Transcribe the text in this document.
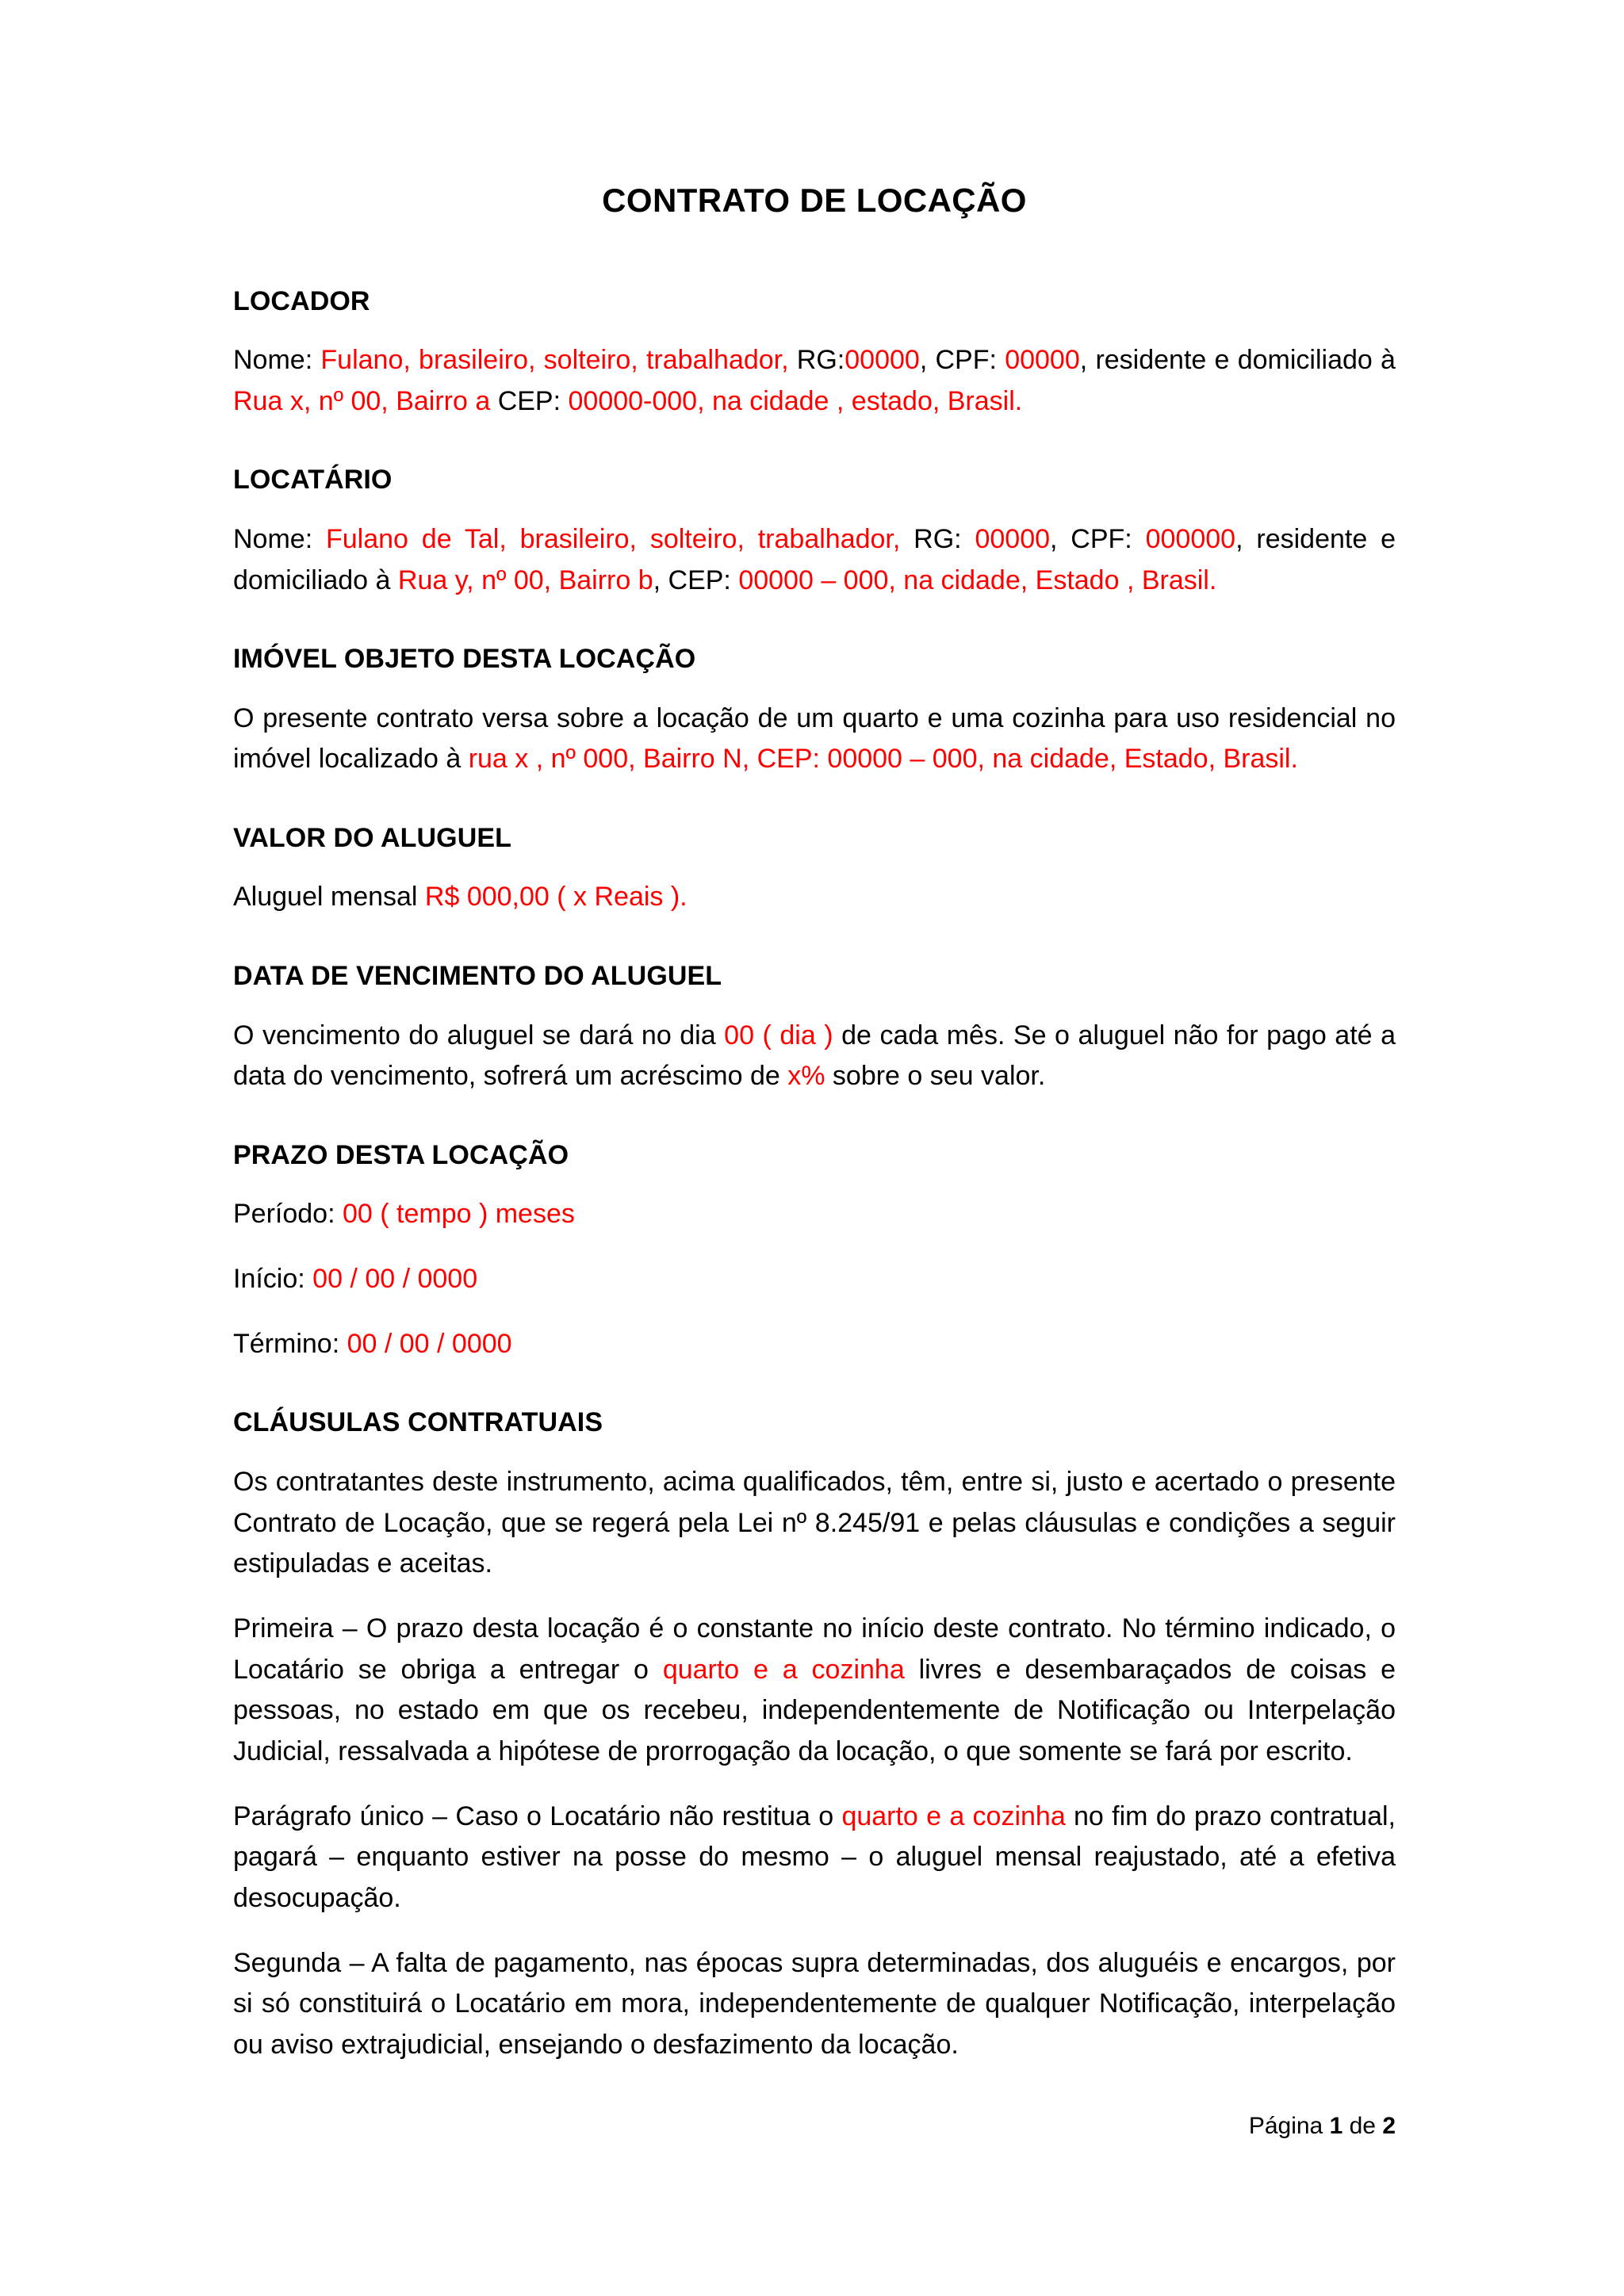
CONTRATO DE LOCAÇÃO
LOCADOR

Nome: Fulano, brasileiro, solteiro, trabalhador, RG:00000, CPF: 00000, residente e domiciliado à Rua x, nº 00, Bairro a CEP: 00000-000, na cidade , estado, Brasil.

LOCATÁRIO

Nome: Fulano de Tal, brasileiro, solteiro, trabalhador, RG: 00000, CPF: 000000, residente e domiciliado à Rua y, nº 00, Bairro b, CEP: 00000 – 000, na cidade, Estado , Brasil.

IMÓVEL OBJETO DESTA LOCAÇÃO

O presente contrato versa sobre a locação de um quarto e uma cozinha para uso residencial no imóvel localizado à rua x , nº 000, Bairro N, CEP: 00000 – 000, na cidade, Estado, Brasil.

VALOR DO ALUGUEL

Aluguel mensal R$ 000,00 ( x Reais ).

DATA DE VENCIMENTO DO ALUGUEL

O vencimento do aluguel se dará no dia 00 ( dia ) de cada mês. Se o aluguel não for pago até a data do vencimento, sofrerá um acréscimo de x% sobre o seu valor.

PRAZO DESTA LOCAÇÃO

Período: 00 ( tempo ) meses

Início: 00 / 00 / 0000

Término: 00 / 00 / 0000

CLÁUSULAS CONTRATUAIS

Os contratantes deste instrumento, acima qualificados, têm, entre si, justo e acertado o presente Contrato de Locação, que se regerá pela Lei nº 8.245/91 e pelas cláusulas e condições a seguir estipuladas e aceitas.

Primeira – O prazo desta locação é o constante no início deste contrato. No término indicado, o Locatário se obriga a entregar o quarto e a cozinha livres e desembaraçados de coisas e pessoas, no estado em que os recebeu, independentemente de Notificação ou Interpelação Judicial, ressalvada a hipótese de prorrogação da locação, o que somente se fará por escrito.

Parágrafo único – Caso o Locatário não restitua o quarto e a cozinha no fim do prazo contratual, pagará – enquanto estiver na posse do mesmo – o aluguel mensal reajustado, até a efetiva desocupação.

Segunda – A falta de pagamento, nas épocas supra determinadas, dos aluguéis e encargos, por si só constituirá o Locatário em mora, independentemente de qualquer Notificação, interpelação ou aviso extrajudicial, ensejando o desfazimento da locação.

Página 1 de 2
